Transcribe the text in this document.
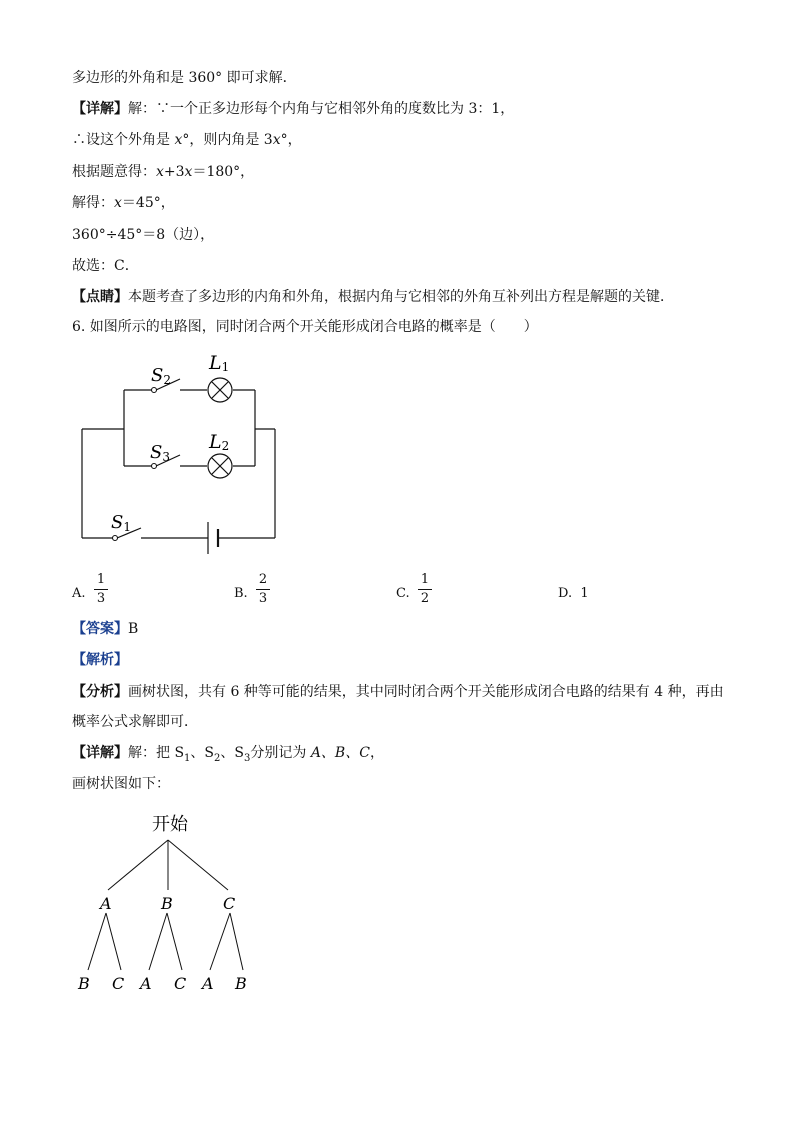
多边形的外角和是 360° 即可求解．
【详解】解：∵一个正多边形每个内角与它相邻外角的度数比为 3：1，
∴设这个外角是 x°，则内角是 3x°，
根据题意得：x+3x＝180°，
解得：x＝45°，
360°÷45°＝8（边），
故选：C．
【点睛】本题考查了多边形的内角和外角，根据内角与它相邻的外角互补列出方程是解题的关键．
6. 如图所示的电路图，同时闭合两个开关能形成闭合电路的概率是（　　）
S2
L1
S3
L2
S1
开始
A	B	C
B C A C A B
A.
1
3	B.
2
3	C.
1
2	D. 1
【答案】B
【解析】
【分析】画树状图，共有 6 种等可能的结果，其中同时闭合两个开关能形成闭合电路的结果有 4 种，再由
概率公式求解即可．
【详解】解：把 $S_1$、$S_2$、$S_3$分别记为 A、B、C，
画树状图如下：
